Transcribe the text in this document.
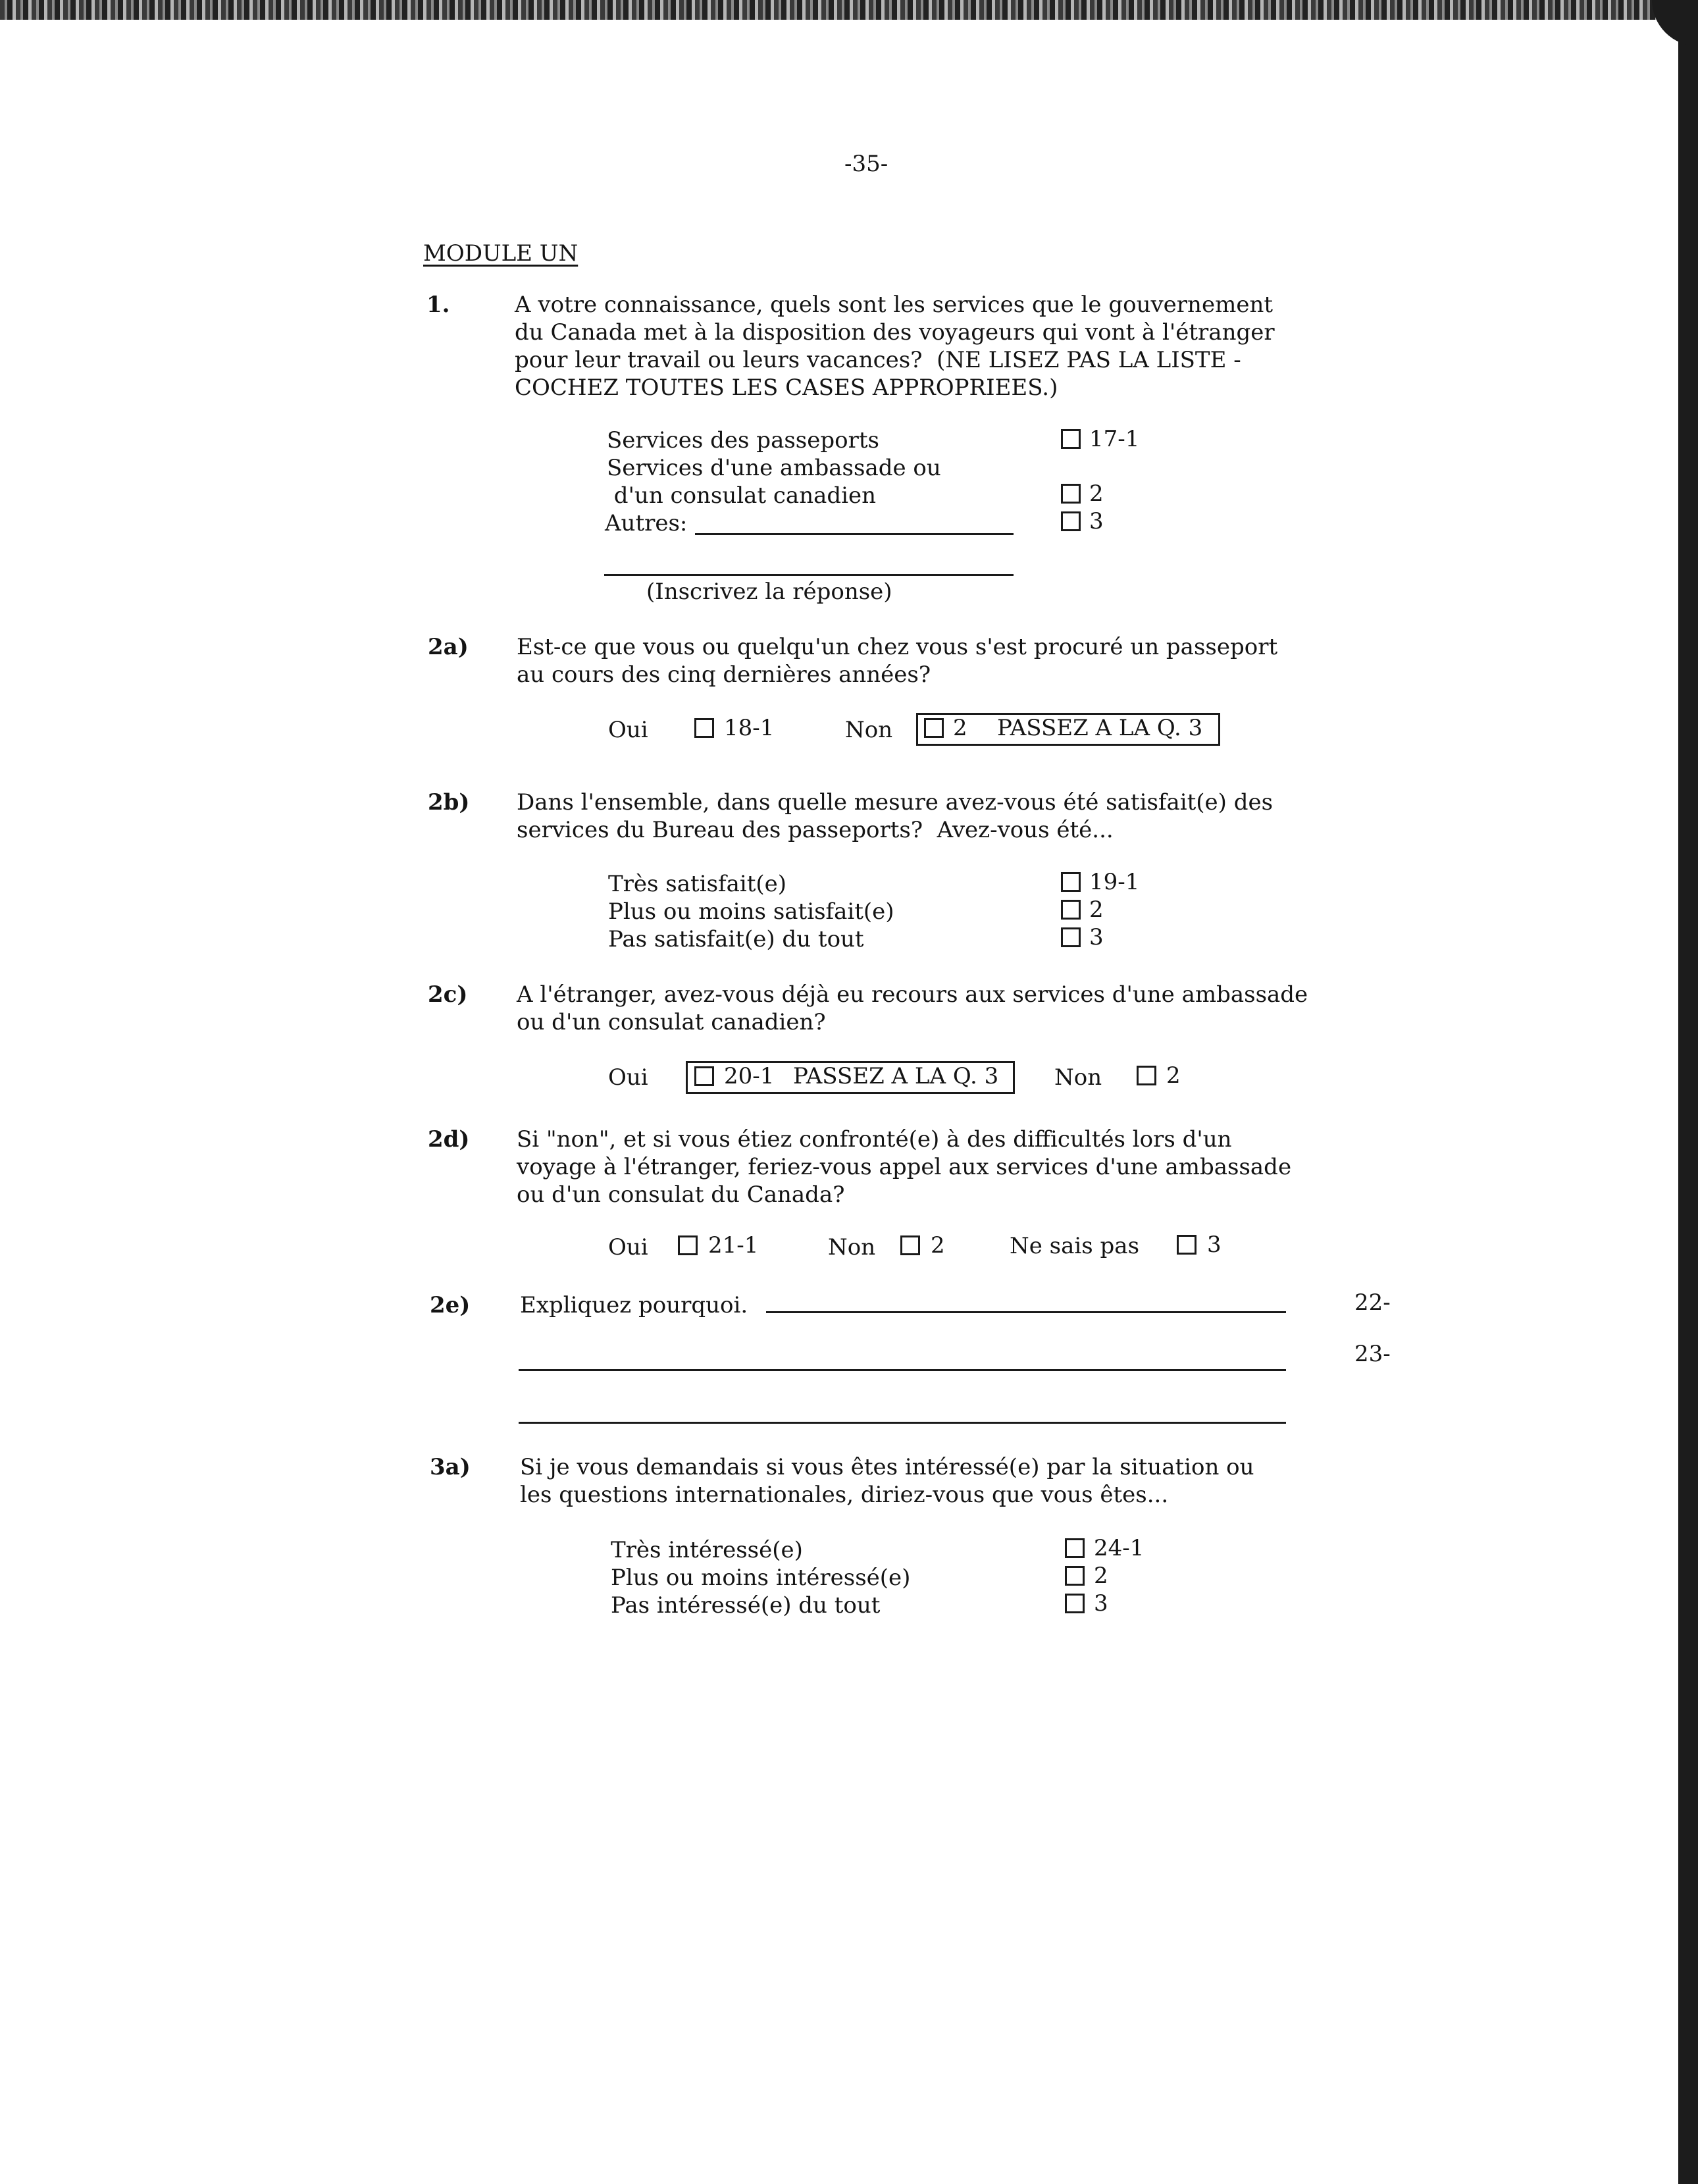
-35-
MODULE UN
1.	A votre connaissance, quels sont les services que le gouvernement
du Canada met à la disposition des voyageurs qui vont à l'étranger
pour leur travail ou leurs vacances?  (NE LISEZ PAS LA LISTE -
COCHEZ TOUTES LES CASES APPROPRIEES.)
Services des passeports	17-1
Services d'une ambassade ou
d'un consulat canadien	2
Autres:	3
(Inscrivez la réponse)
2a) Est-ce que vous ou quelqu'un chez vous s'est procuré un passeport
au cours des cinq dernières années?
Oui	18-1	Non	2 PASSEZ A LA Q. 3
2b) Dans l'ensemble, dans quelle mesure avez-vous été satisfait(e) des
services du Bureau des passeports?  Avez-vous été...
Très satisfait(e)	19-1
Plus ou moins satisfait(e)	2
Pas satisfait(e) du tout	3
2c) A l'étranger, avez-vous déjà eu recours aux services d'une ambassade
ou d'un consulat canadien?
Oui	20-1 PASSEZ A LA Q. 3 Non	2
2d) Si "non", et si vous étiez confronté(e) à des difficultés lors d'un
voyage à l'étranger, feriez-vous appel aux services d'une ambassade
ou d'un consulat du Canada?
Oui	21-1	Non 2	Ne sais pas	3
2e) Expliquez pourquoi.	22-
23-
3a) Si je vous demandais si vous êtes intéressé(e) par la situation ou
les questions internationales, diriez-vous que vous êtes...
Très intéressé(e)	24-1
Plus ou moins intéressé(e)	2
Pas intéressé(e) du tout	3
